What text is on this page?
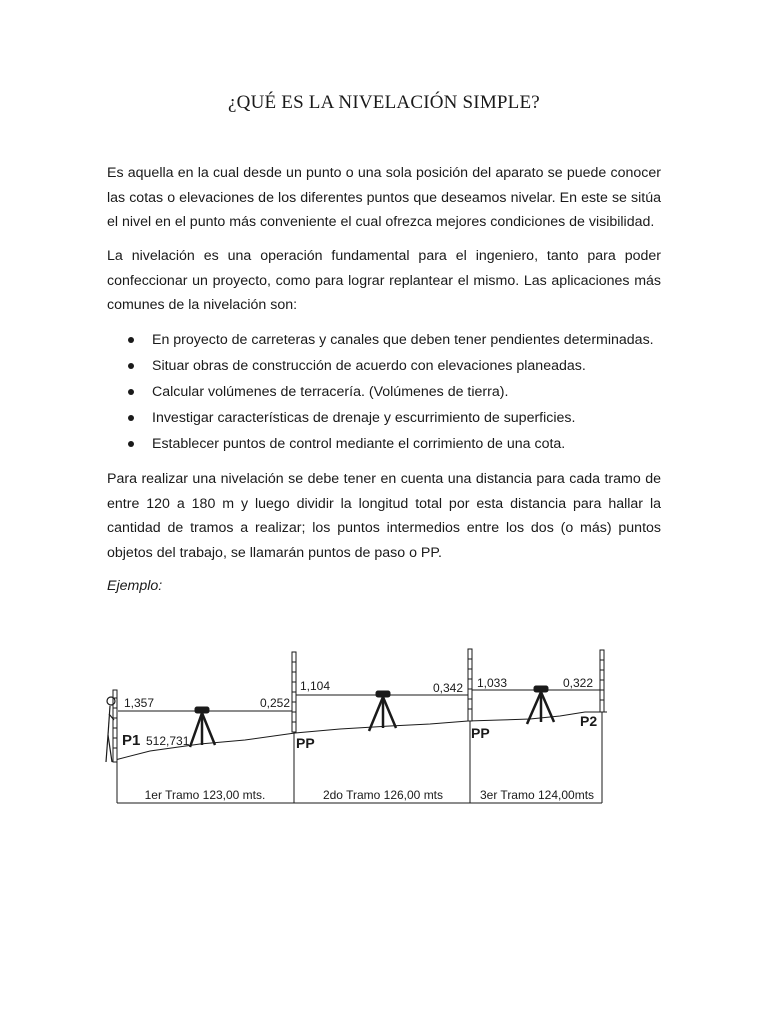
¿QUÉ ES LA NIVELACIÓN SIMPLE?

Es aquella en la cual desde un punto o una sola posición del aparato se puede conocer las cotas o elevaciones de los diferentes puntos que deseamos nivelar. En este se sitúa el nivel en el punto más conveniente el cual ofrezca mejores condiciones de visibilidad.

La nivelación es una operación fundamental para el ingeniero, tanto para poder confeccionar un proyecto, como para lograr replantear el mismo. Las aplicaciones más comunes de la nivelación son:

En proyecto de carreteras y canales que deben tener pendientes determinadas.
Situar obras de construcción de acuerdo con elevaciones planeadas.
Calcular volúmenes de terracería. (Volúmenes de tierra).
Investigar características de drenaje y escurrimiento de superficies.
Establecer puntos de control mediante el corrimiento de una cota.

Para realizar una nivelación se debe tener en cuenta una distancia para cada tramo de entre 120 a 180 m y luego dividir la longitud total por esta distancia para hallar la cantidad de tramos a realizar; los puntos intermedios entre los dos (o más) puntos objetos del trabajo, se llamarán puntos de paso o PP.

Ejemplo:

1,357	0,252
1,104	0,342 1,033	0,322
P1 512,731	PP
PP
P2
1er Tramo 123,00 mts.	2do Tramo 126,00 mts	3er Tramo 124,00mts
